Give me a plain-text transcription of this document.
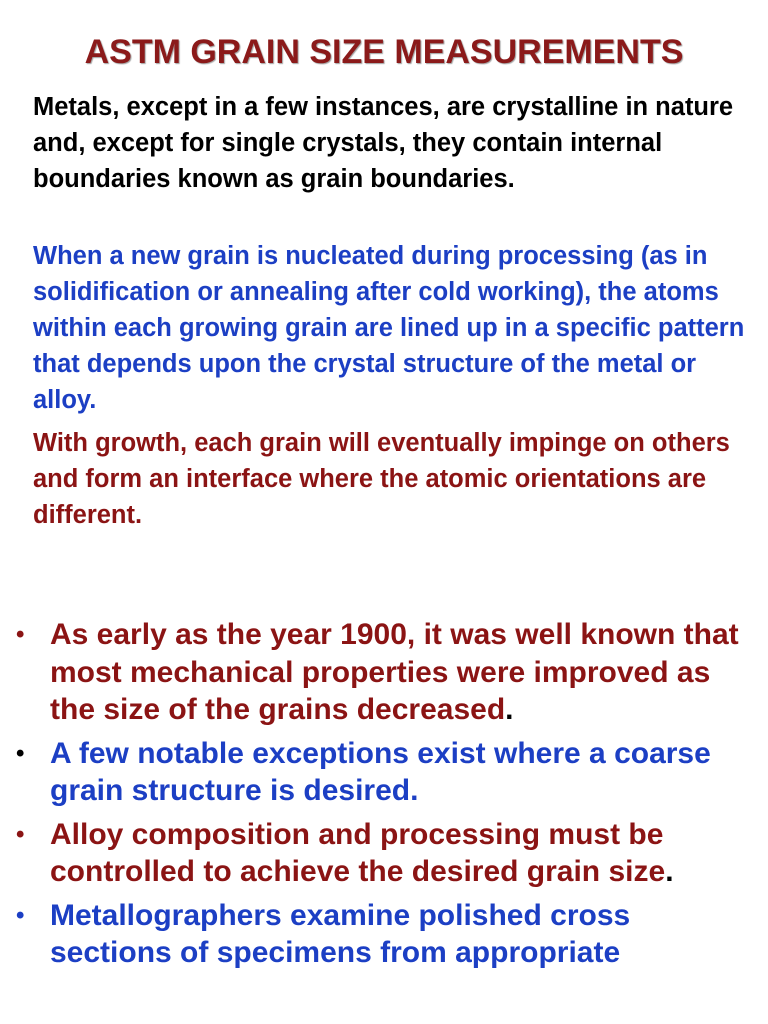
ASTM GRAIN SIZE MEASUREMENTS

Metals, except in a few instances, are crystalline in nature and, except for single crystals, they contain internal boundaries known as grain boundaries.

When a new grain is nucleated during processing (as in solidification or annealing after cold working), the atoms within each growing grain are lined up in a specific pattern that depends upon the crystal structure of the metal or alloy.

With growth, each grain will eventually impinge on others and form an interface where the atomic orientations are different.

• As early as the year 1900, it was well known that most mechanical properties were improved as the size of the grains decreased.
• A few notable exceptions exist where a coarse grain structure is desired.
• Alloy composition and processing must be controlled to achieve the desired grain size.
• Metallographers examine polished cross sections of specimens from appropriate
